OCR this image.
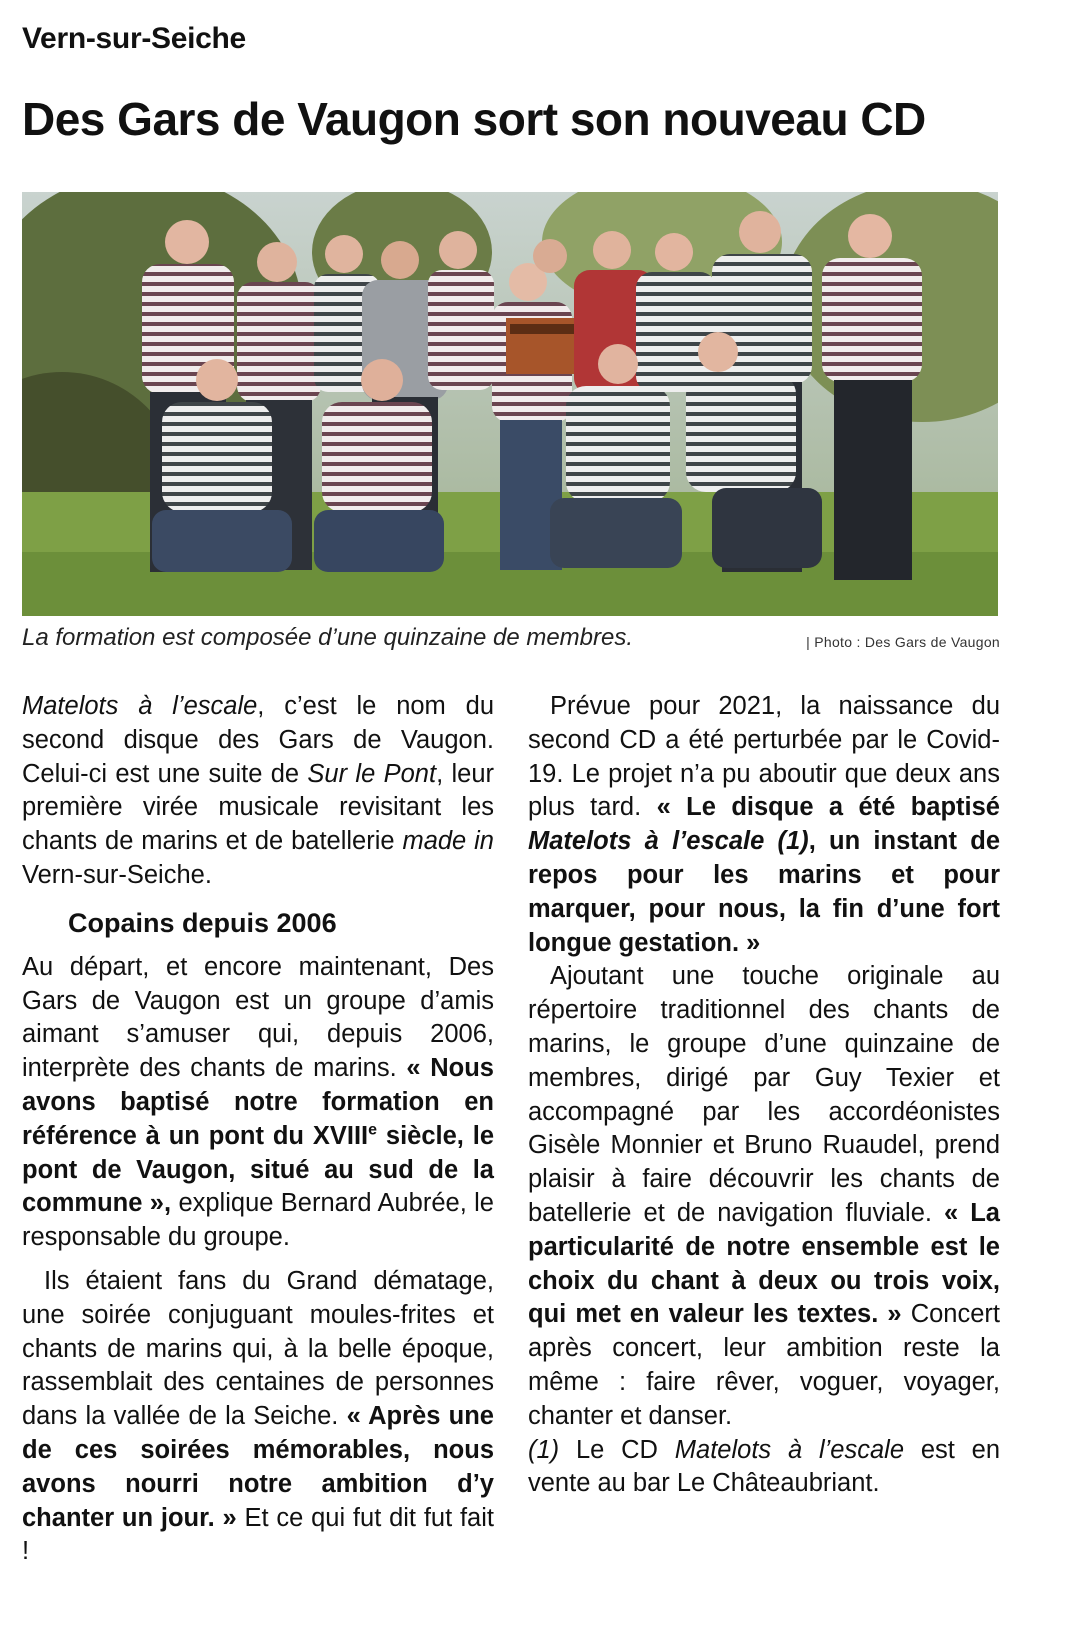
Vern-sur-Seiche
Des Gars de Vaugon sort son nouveau CD
La formation est composée d’une quinzaine de membres.	| Photo : Des Gars de Vaugon

Matelots à l’escale, c’est le nom du second disque des Gars de Vaugon. Celui-ci est une suite de Sur le Pont, leur première virée musicale revisitant les chants de marins et de batellerie made in Vern-sur-Seiche.

Copains depuis 2006

Au départ, et encore maintenant, Des Gars de Vaugon est un groupe d’amis aimant s’amuser qui, depuis 2006, interprète des chants de marins. « Nous avons baptisé notre formation en référence à un pont du XVIIIe siècle, le pont de Vaugon, situé au sud de la commune », explique Bernard Aubrée, le responsable du groupe.

Ils étaient fans du Grand dématage, une soirée conjuguant moules-frites et chants de marins qui, à la belle époque, rassemblait des centaines de personnes dans la vallée de la Seiche. « Après une de ces soirées mémorables, nous avons nourri notre ambition d’y chanter un jour. » Et ce qui fut dit fut fait !

Prévue pour 2021, la naissance du second CD a été perturbée par le Covid-19. Le projet n’a pu aboutir que deux ans plus tard. « Le disque a été baptisé Matelots à l’escale (1), un instant de repos pour les marins et pour marquer, pour nous, la fin d’une fort longue gestation. »

Ajoutant une touche originale au répertoire traditionnel des chants de marins, le groupe d’une quinzaine de membres, dirigé par Guy Texier et accompagné par les accordéonistes Gisèle Monnier et Bruno Ruaudel, prend plaisir à faire découvrir les chants de batellerie et de navigation fluviale. « La particularité de notre ensemble est le choix du chant à deux ou trois voix, qui met en valeur les textes. » Concert après concert, leur ambition reste la même : faire rêver, voguer, voyager, chanter et danser.

(1) Le CD Matelots à l’escale est en vente au bar Le Châteaubriant.
